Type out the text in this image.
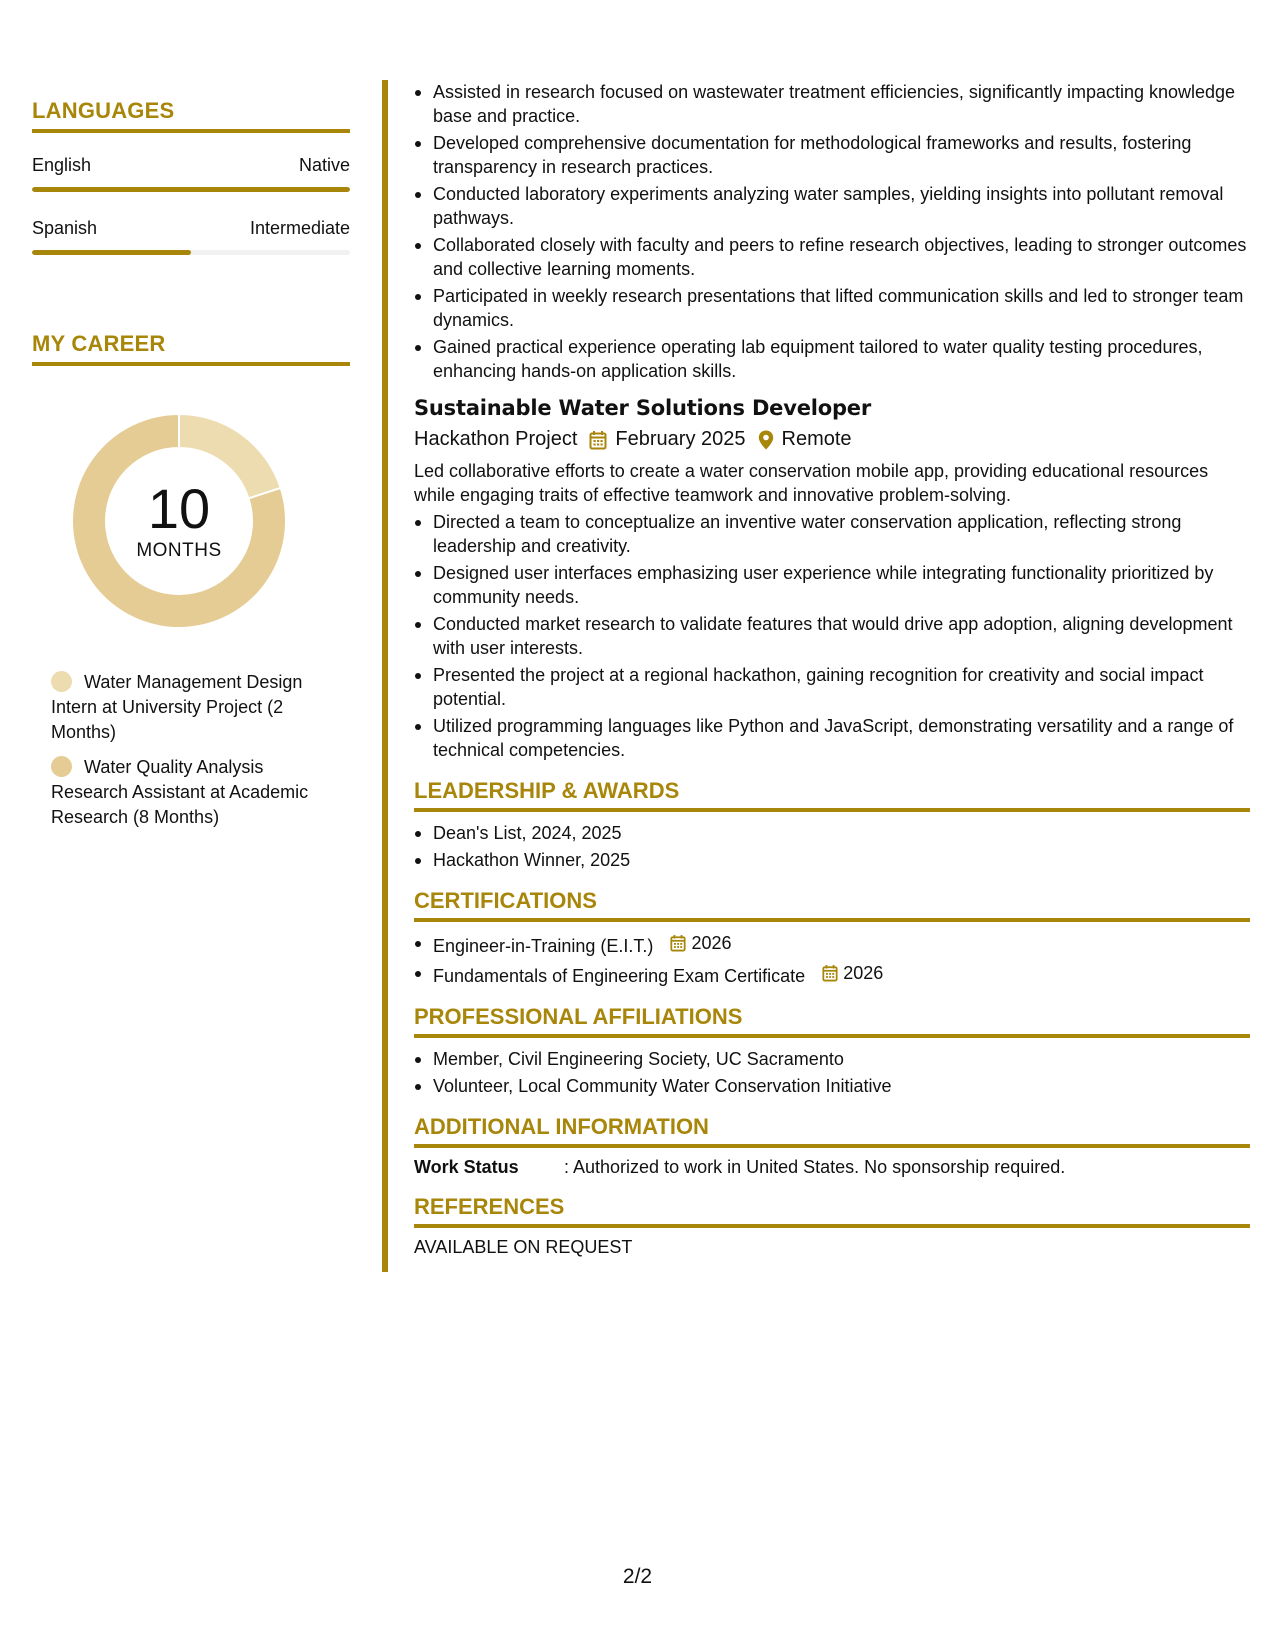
LANGUAGES
English	Native
Spanish	Intermediate
MY CAREER
10
MONTHS
Water Management Design Intern at University Project (2 Months)
Water Quality Analysis Research Assistant at Academic Research (8 Months)
Assisted in research focused on wastewater treatment efficiencies, significantly impacting knowledge base and practice.
Developed comprehensive documentation for methodological frameworks and results, fostering transparency in research practices.
Conducted laboratory experiments analyzing water samples, yielding insights into pollutant removal pathways.
Collaborated closely with faculty and peers to refine research objectives, leading to stronger outcomes and collective learning moments.
Participated in weekly research presentations that lifted communication skills and led to stronger team dynamics.
Gained practical experience operating lab equipment tailored to water quality testing procedures, enhancing hands-on application skills.
Sustainable Water Solutions Developer
Hackathon Project February 2025 Remote
Led collaborative efforts to create a water conservation mobile app, providing educational resources while engaging traits of effective teamwork and innovative problem-solving.
Directed a team to conceptualize an inventive water conservation application, reflecting strong leadership and creativity.
Designed user interfaces emphasizing user experience while integrating functionality prioritized by community needs.
Conducted market research to validate features that would drive app adoption, aligning development with user interests.
Presented the project at a regional hackathon, gaining recognition for creativity and social impact potential.
Utilized programming languages like Python and JavaScript, demonstrating versatility and a range of technical competencies.
LEADERSHIP & AWARDS
Dean's List, 2024, 2025
Hackathon Winner, 2025
CERTIFICATIONS
Engineer-in-Training (E.I.T.) 2026
Fundamentals of Engineering Exam Certificate 2026
PROFESSIONAL AFFILIATIONS
Member, Civil Engineering Society, UC Sacramento
Volunteer, Local Community Water Conservation Initiative
ADDITIONAL INFORMATION
Work Status	: Authorized to work in United States. No sponsorship required.
REFERENCES
AVAILABLE ON REQUEST
2/2
